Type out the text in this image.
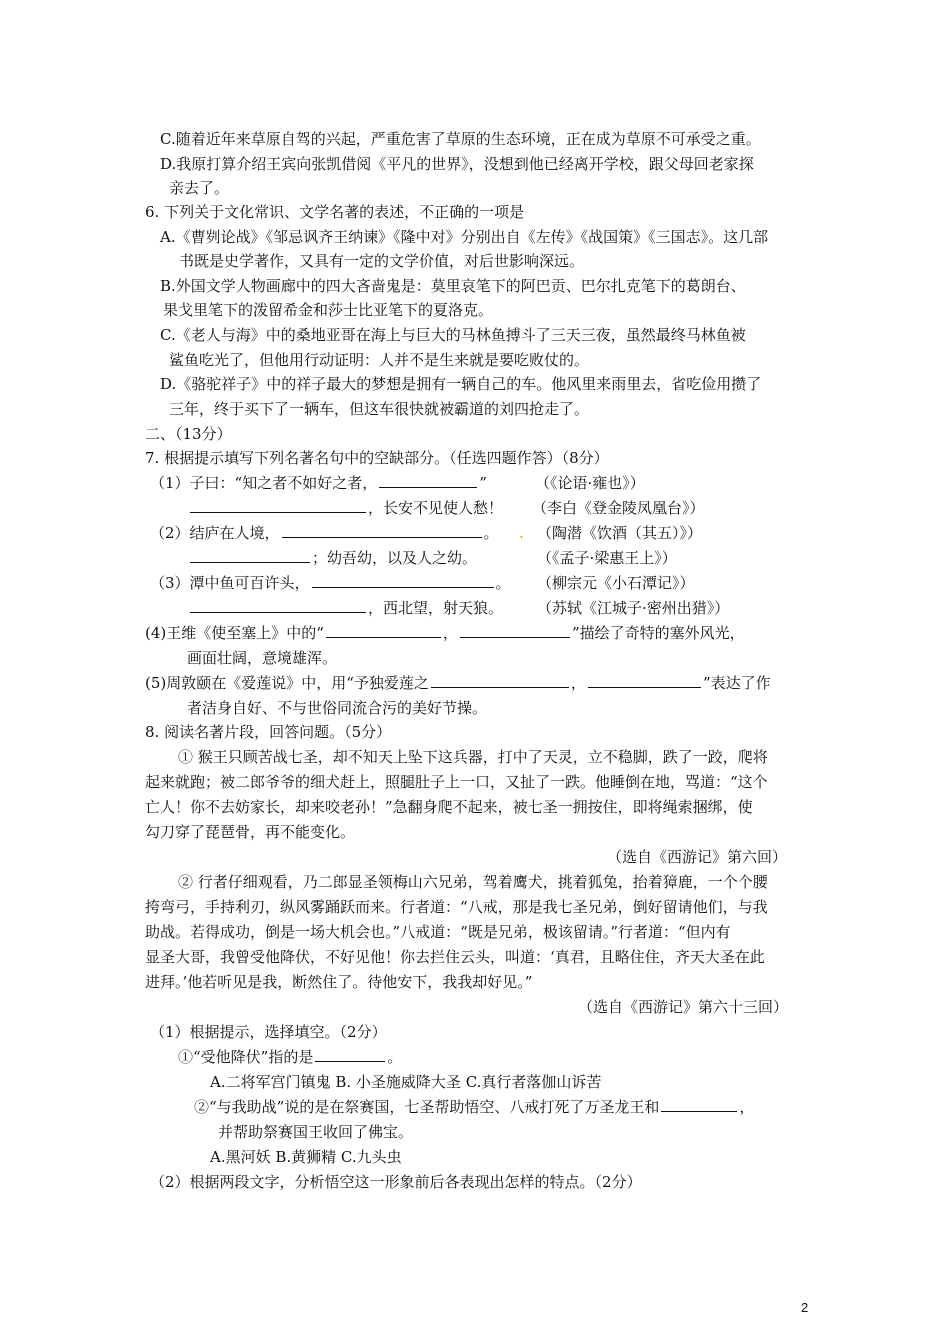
C.随着近年来草原自驾的兴起，严重危害了草原的生态环境，正在成为草原不可承受之重。
D.我原打算介绍王宾向张凯借阅《平凡的世界》，没想到他已经离开学校，跟父母回老家探
亲去了。
6. 下列关于文化常识、文学名著的表述，不正确的一项是
A.《曹刿论战》《邹忌讽齐王纳谏》《隆中对》分别出自《左传》《战国策》《三国志》。这几部
书既是史学著作，又具有一定的文学价值，对后世影响深远。
B.外国文学人物画廊中的四大吝啬鬼是：莫里哀笔下的阿巴贡、巴尔扎克笔下的葛朗台、
果戈里笔下的泼留希金和莎士比亚笔下的夏洛克。
C.《老人与海》中的桑地亚哥在海上与巨大的马林鱼搏斗了三天三夜，虽然最终马林鱼被
鲨鱼吃光了，但他用行动证明：人并不是生来就是要吃败仗的。
D.《骆驼祥子》中的祥子最大的梦想是拥有一辆自己的车。他风里来雨里去，省吃俭用攒了
三年，终于买下了一辆车，但这车很快就被霸道的刘四抢走了。
二、（13分）
7. 根据提示填写下列名著名句中的空缺部分。（任选四题作答）（8分）
（1）子曰：“知之者不如好之者，	”	（《论语·雍也》）
，长安不见使人愁！ （李白《登金陵凤凰台》）
（2）结庐在人境，	。 . （陶潜《饮酒（其五）》）
；幼吾幼，以及人之幼。	（《孟子·梁惠王上》）
（3）潭中鱼可百许头，	。 （柳宗元《小石潭记》）
，西北望，射天狼。 （苏轼《江城子·密州出猎》）
(4)王维《使至塞上》中的“	，	”描绘了奇特的塞外风光，
画面壮阔，意境雄浑。
(5)周敦颐在《爱莲说》中，用“予独爱莲之	，	”表达了作
者洁身自好、不与世俗同流合污的美好节操。
8. 阅读名著片段，回答问题。（5分）
① 猴王只顾苦战七圣，却不知天上坠下这兵器，打中了天灵，立不稳脚，跌了一跤，爬将
起来就跑；被二郎爷爷的细犬赶上，照腿肚子上一口，又扯了一跌。他睡倒在地，骂道：“这个
亡人！你不去妨家长，却来咬老孙！”急翻身爬不起来，被七圣一拥按住，即将绳索捆绑，使
勾刀穿了琵琶骨，再不能变化。
（选自《西游记》第六回）
② 行者仔细观看，乃二郎显圣领梅山六兄弟，驾着鹰犬，挑着狐兔，抬着獐鹿，一个个腰
挎弯弓，手持利刃，纵风雾踊跃而来。行者道：“八戒，那是我七圣兄弟，倒好留请他们，与我
助战。若得成功，倒是一场大机会也。”八戒道：“既是兄弟，极该留请。”行者道：“但内有
显圣大哥，我曾受他降伏，不好见他！你去拦住云头，叫道：‘真君，且略住住，齐天大圣在此
进拜。’他若听见是我，断然住了。待他安下，我我却好见。”
（选自《西游记》第六十三回）
（1）根据提示，选择填空。（2分）
①“受他降伏”指的是	。
A.二将军宫门镇鬼 B. 小圣施威降大圣 C.真行者落伽山诉苦
②“与我助战”说的是在祭赛国，七圣帮助悟空、八戒打死了万圣龙王和	，
并帮助祭赛国王收回了佛宝。
A.黑河妖 B.黄狮精 C.九头虫
（2）根据两段文字，分析悟空这一形象前后各表现出怎样的特点。（2分）
2
